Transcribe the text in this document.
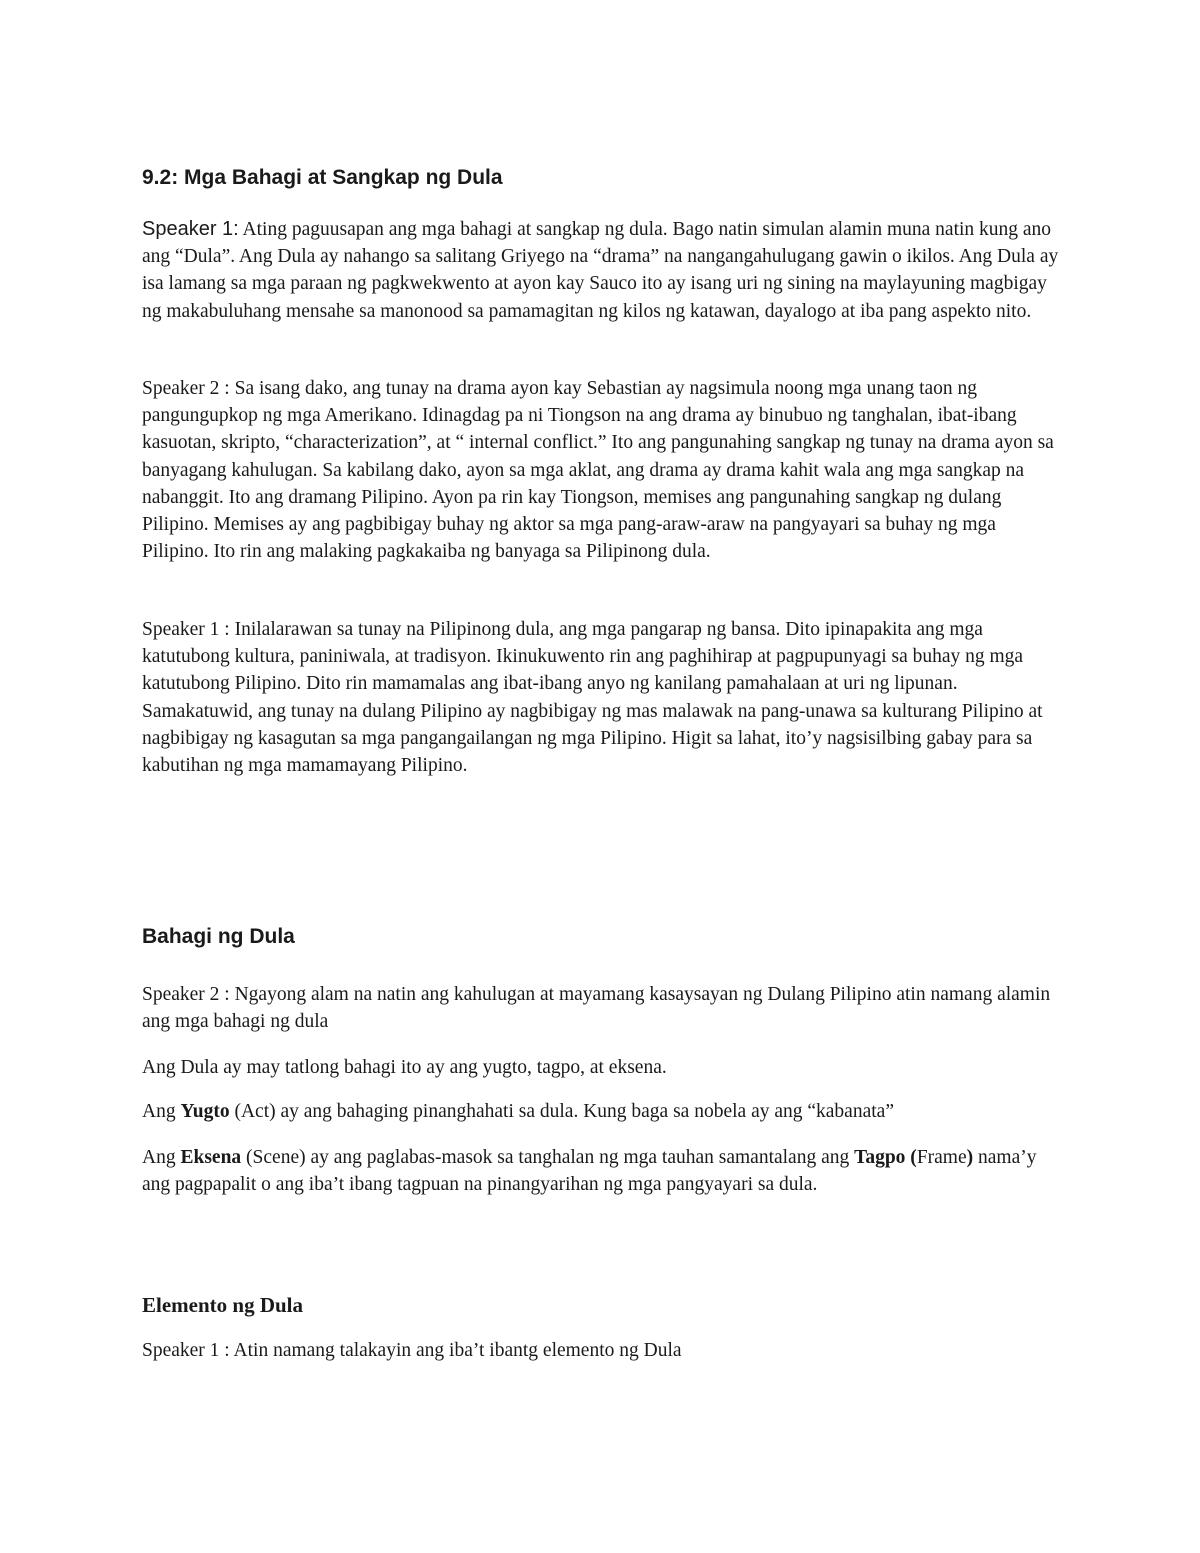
9.2: Mga Bahagi at Sangkap ng Dula

Speaker 1: Ating paguusapan ang mga bahagi at sangkap ng dula. Bago natin simulan alamin muna natin kung ano ang “Dula”. Ang Dula ay nahango sa salitang Griyego na “drama” na nangangahulugang gawin o ikilos. Ang Dula ay isa lamang sa mga paraan ng pagkwekwento at ayon kay Sauco ito ay isang uri ng sining na maylayuning magbigay ng makabuluhang mensahe sa manonood sa pamamagitan ng kilos ng katawan, dayalogo at iba pang aspekto nito.

Speaker 2 : Sa isang dako, ang tunay na drama ayon kay Sebastian ay nagsimula noong mga unang taon ng pangungupkop ng mga Amerikano. Idinagdag pa ni Tiongson na ang drama ay binubuo ng tanghalan, ibat-ibang kasuotan, skripto, “characterization”, at “ internal conflict.” Ito ang pangunahing sangkap ng tunay na drama ayon sa banyagang kahulugan. Sa kabilang dako, ayon sa mga aklat, ang drama ay drama kahit wala ang mga sangkap na nabanggit. Ito ang dramang Pilipino. Ayon pa rin kay Tiongson, memises ang pangunahing sangkap ng dulang Pilipino. Memises ay ang pagbibigay buhay ng aktor sa mga pang-araw-araw na pangyayari sa buhay ng mga Pilipino. Ito rin ang malaking pagkakaiba ng banyaga sa Pilipinong dula.

Speaker 1 : Inilalarawan sa tunay na Pilipinong dula, ang mga pangarap ng bansa. Dito ipinapakita ang mga katutubong kultura, paniniwala, at tradisyon. Ikinukuwento rin ang paghihirap at pagpupunyagi sa buhay ng mga katutubong Pilipino. Dito rin mamamalas ang ibat-ibang anyo ng kanilang pamahalaan at uri ng lipunan. Samakatuwid, ang tunay na dulang Pilipino ay nagbibigay ng mas malawak na pang-unawa sa kulturang Pilipino at nagbibigay ng kasagutan sa mga pangangailangan ng mga Pilipino. Higit sa lahat, ito’y nagsisilbing gabay para sa kabutihan ng mga mamamayang Pilipino.

Bahagi ng Dula

Speaker 2 : Ngayong alam na natin ang kahulugan at mayamang kasaysayan ng Dulang Pilipino atin namang alamin ang mga bahagi ng dula

Ang Dula ay may tatlong bahagi ito ay ang yugto, tagpo, at eksena.

Ang Yugto (Act) ay ang bahaging pinanghahati sa dula. Kung baga sa nobela ay ang “kabanata”

Ang Eksena (Scene) ay ang paglabas-masok sa tanghalan ng mga tauhan samantalang ang Tagpo (Frame) nama’y ang pagpapalit o ang iba’t ibang tagpuan na pinangyarihan ng mga pangyayari sa dula.

Elemento ng Dula

Speaker 1 : Atin namang talakayin ang iba’t ibantg elemento ng Dula
